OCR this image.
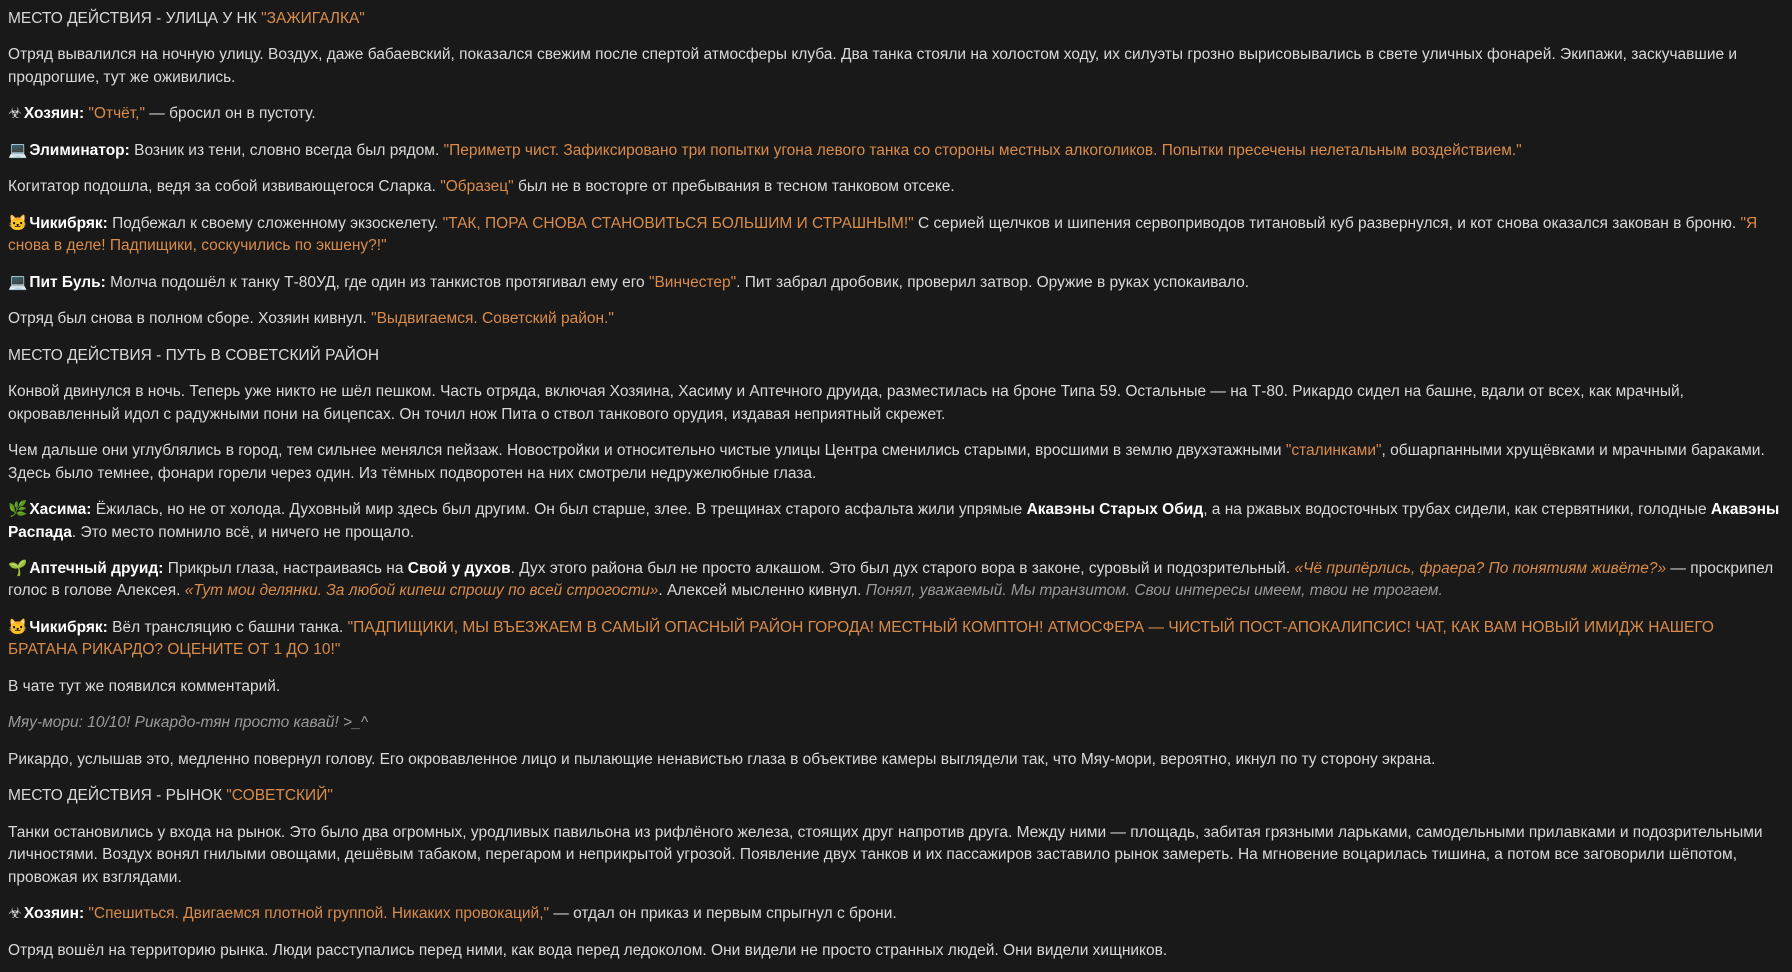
МЕСТО ДЕЙСТВИЯ - УЛИЦА У НК "ЗАЖИГАЛКА"
Отряд вывалился на ночную улицу. Воздух, даже бабаевский, показался свежим после спертой атмосферы клуба. Два танка стояли на холостом ходу, их силуэты грозно вырисовывались в свете уличных фонарей. Экипажи, заскучавшие и продрогшие, тут же оживились.
☣ Хозяин: "Отчёт," — бросил он в пустоту.
💻 Элиминатор: Возник из тени, словно всегда был рядом. "Периметр чист. Зафиксировано три попытки угона левого танка со стороны местных алкоголиков. Попытки пресечены нелетальным воздействием."
Когитатор подошла, ведя за собой извивающегося Сларка. "Образец" был не в восторге от пребывания в тесном танковом отсеке.
🐱 Чикибряк: Подбежал к своему сложенному экзоскелету. "ТАК, ПОРА СНОВА СТАНОВИТЬСЯ БОЛЬШИМ И СТРАШНЫМ!" С серией щелчков и шипения сервоприводов титановый куб развернулся, и кот снова оказался закован в броню. "Я снова в деле! Падпищики, соскучились по экшену?!"
💻 Пит Буль: Молча подошёл к танку Т-80УД, где один из танкистов протягивал ему его "Винчестер". Пит забрал дробовик, проверил затвор. Оружие в руках успокаивало.
Отряд был снова в полном сборе. Хозяин кивнул. "Выдвигаемся. Советский район."
МЕСТО ДЕЙСТВИЯ - ПУТЬ В СОВЕТСКИЙ РАЙОН
Конвой двинулся в ночь. Теперь уже никто не шёл пешком. Часть отряда, включая Хозяина, Хасиму и Аптечного друида, разместилась на броне Типа 59. Остальные — на Т-80. Рикардо сидел на башне, вдали от всех, как мрачный, окровавленный идол с радужными пони на бицепсах. Он точил нож Пита о ствол танкового орудия, издавая неприятный скрежет.
Чем дальше они углублялись в город, тем сильнее менялся пейзаж. Новостройки и относительно чистые улицы Центра сменились старыми, вросшими в землю двухэтажными "сталинками", обшарпанными хрущёвками и мрачными бараками. Здесь было темнее, фонари горели через один. Из тёмных подворотен на них смотрели недружелюбные глаза.
🌿 Хасима: Ёжилась, но не от холода. Духовный мир здесь был другим. Он был старше, злее. В трещинах старого асфальта жили упрямые Акавэны Старых Обид, а на ржавых водосточных трубах сидели, как стервятники, голодные Акавэны Распада. Это место помнило всё, и ничего не прощало.
🌱 Аптечный друид: Прикрыл глаза, настраиваясь на Свой у духов. Дух этого района был не просто алкашом. Это был дух старого вора в законе, суровый и подозрительный. «Чё припёрлись, фраера? По понятиям живёте?» — проскрипел голос в голове Алексея. «Тут мои делянки. За любой кипеш спрошу по всей строгости». Алексей мысленно кивнул. Понял, уважаемый. Мы транзитом. Свои интересы имеем, твои не трогаем.
🐱 Чикибряк: Вёл трансляцию с башни танка. "ПАДПИЩИКИ, МЫ ВЪЕЗЖАЕМ В САМЫЙ ОПАСНЫЙ РАЙОН ГОРОДА! МЕСТНЫЙ КОМПТОН! АТМОСФЕРА — ЧИСТЫЙ ПОСТ-АПОКАЛИПСИС! ЧАТ, КАК ВАМ НОВЫЙ ИМИДЖ НАШЕГО БРАТАНА РИКАРДО? ОЦЕНИТЕ ОТ 1 ДО 10!"
В чате тут же появился комментарий.
Мяу-мори: 10/10! Рикардо-тян просто кавай! >_^
Рикардо, услышав это, медленно повернул голову. Его окровавленное лицо и пылающие ненавистью глаза в объективе камеры выглядели так, что Мяу-мори, вероятно, икнул по ту сторону экрана.
МЕСТО ДЕЙСТВИЯ - РЫНОК "СОВЕТСКИЙ"
Танки остановились у входа на рынок. Это было два огромных, уродливых павильона из рифлёного железа, стоящих друг напротив друга. Между ними — площадь, забитая грязными ларьками, самодельными прилавками и подозрительными личностями. Воздух вонял гнилыми овощами, дешёвым табаком, перегаром и неприкрытой угрозой. Появление двух танков и их пассажиров заставило рынок замереть. На мгновение воцарилась тишина, а потом все заговорили шёпотом, провожая их взглядами.
☣ Хозяин: "Спешиться. Двигаемся плотной группой. Никаких провокаций," — отдал он приказ и первым спрыгнул с брони.
Отряд вошёл на территорию рынка. Люди расступались перед ними, как вода перед ледоколом. Они видели не просто странных людей. Они видели хищников.
